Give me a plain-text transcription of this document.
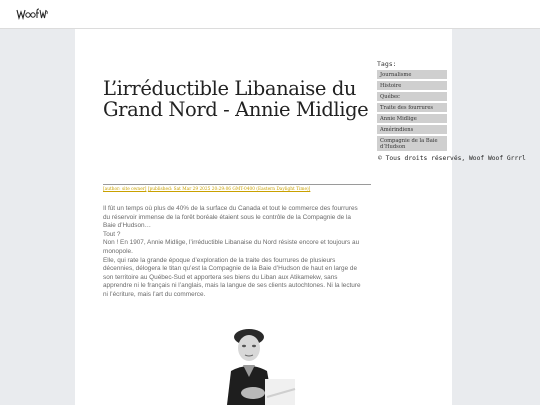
L’irréductible Libanaise du Grand Nord - Annie Midlige
[author: site owner] [published: Sat Mar 29 2025 20:29:06 GMT-0400 (Eastern Daylight Time)]

Il fût un temps où plus de 40% de la surface du Canada et tout le commerce des fourrures du réservoir immense de la forêt boréale étaient sous le contrôle de la Compagnie de la Baie d’Hudson…

Tout ?

Non ! En 1907, Annie Midlige, l’irréductible Libanaise du Nord résiste encore et toujours au monopole.

Elle, qui rate la grande époque d’exploration de la traite des fourrures de plusieurs décennies, délogera le titan qu’est la Compagnie de la Baie d’Hudson de haut en large de son territoire au Québec-Sud et apportera ses biens du Liban aux Atikamekw, sans apprendre ni le français ni l’anglais, mais la langue de ses clients autochtones. Ni la lecture ni l’écriture, mais l’art du commerce.

Tags:
Journalisme
Histoire
Québec
Traite des fourrures
Annie Midlige
Amérindiens
Compagnie de la Baie d’Hudson
© Tous droits réservés, Woof Woof Grrrl
